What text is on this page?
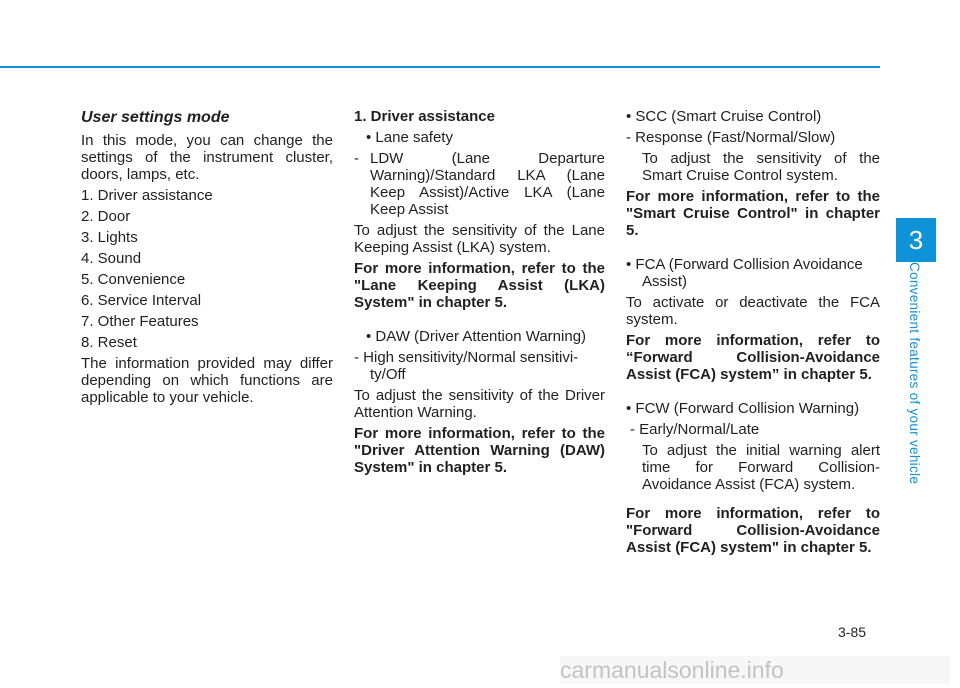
User settings mode

In this mode, you can change the settings of the instrument cluster, doors, lamps, etc.

1. Driver assistance

2. Door

3. Lights

4. Sound

5. Convenience

6. Service Interval

7. Other Features

8. Reset

The information provided may differ depending on which functions are applicable to your vehicle.

1. Driver assistance

• Lane safety

- LDW	(Lane	Departure
Warning)/Standard LKA (Lane Keep Assist)/Active LKA (Lane Keep Assist

To adjust the sensitivity of the Lane Keeping Assist (LKA) system.

For more information, refer to the "Lane Keeping Assist (LKA) System" in chapter 5.

• DAW (Driver Attention Warning)

- High sensitivity/Normal sensitivi-ty/Off

To adjust the sensitivity of the Driver Attention Warning.

For more information, refer to the "Driver Attention Warning (DAW) System" in chapter 5.

• SCC (Smart Cruise Control)

- Response (Fast/Normal/Slow)

To adjust the sensitivity of the Smart Cruise Control system.

For more information, refer to the "Smart Cruise Control" in chapter 5.

• FCA (Forward Collision Avoidance Assist)

To activate or deactivate the FCA system.

For more information, refer to “Forward Collision-Avoidance Assist (FCA) system” in chapter 5.

• FCW (Forward Collision Warning)

- Early/Normal/Late

To adjust the initial warning alert time for Forward Collision-Avoidance Assist (FCA) system.

For more information, refer to "Forward Collision-Avoidance Assist (FCA) system" in chapter 5.

3
Convenient features of your vehicle
3-85
carmanualsonline.info
